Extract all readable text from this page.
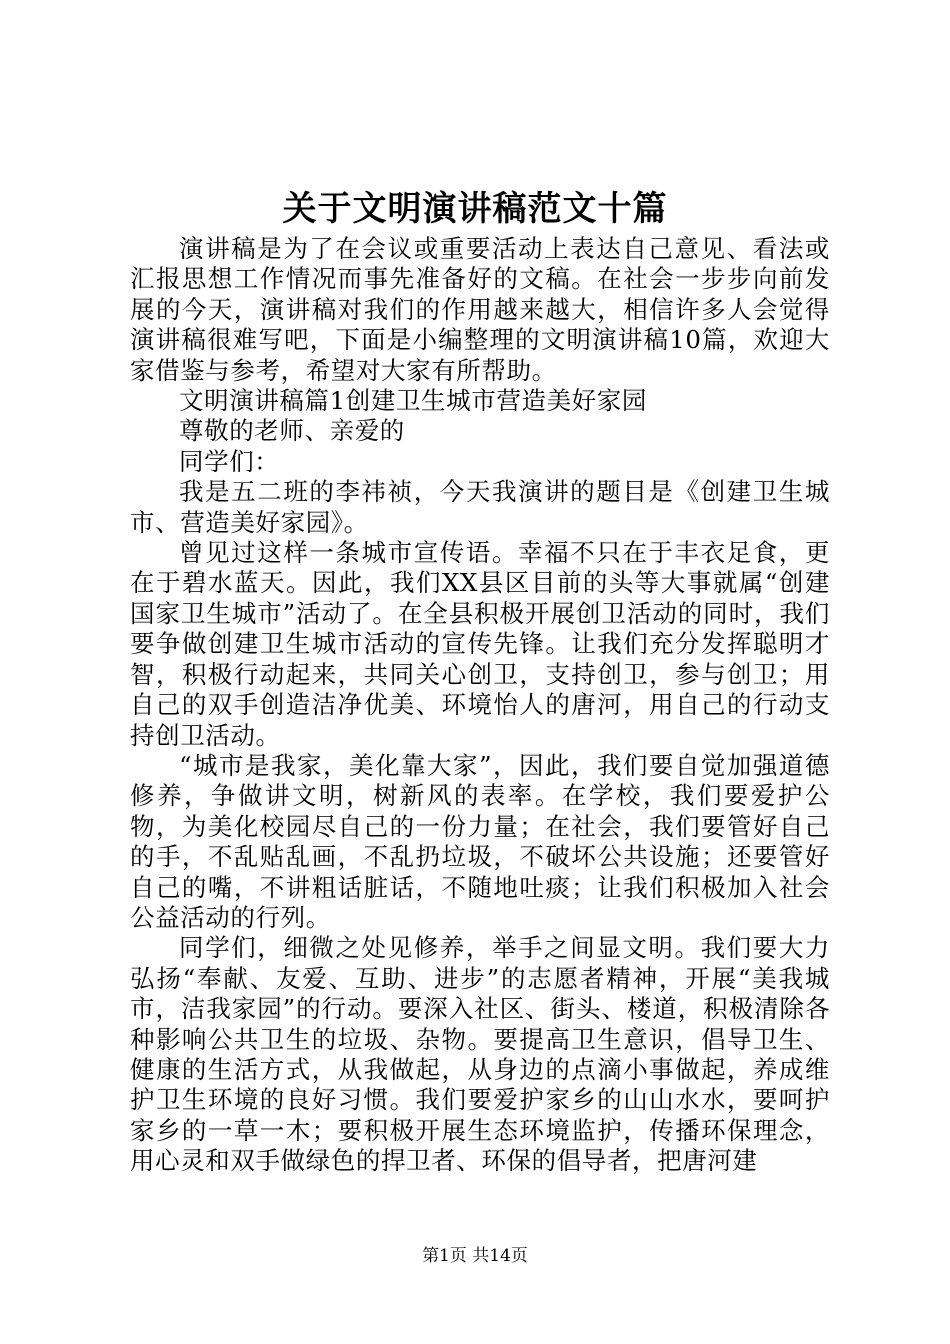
关于文明演讲稿范文十篇

演讲稿是为了在会议或重要活动上表达自己意见、看法或汇报思想工作情况而事先准备好的文稿。在社会一步步向前发展的今天，演讲稿对我们的作用越来越大，相信许多人会觉得演讲稿很难写吧，下面是小编整理的文明演讲稿10篇，欢迎大家借鉴与参考，希望对大家有所帮助。

文明演讲稿篇1创建卫生城市营造美好家园

尊敬的老师、亲爱的

同学们：

我是五二班的李祎祯，今天我演讲的题目是《创建卫生城市、营造美好家园》。

曾见过这样一条城市宣传语。幸福不只在于丰衣足食，更在于碧水蓝天。因此，我们XX县区目前的头等大事就属“创建国家卫生城市”活动了。在全县积极开展创卫活动的同时，我们要争做创建卫生城市活动的宣传先锋。让我们充分发挥聪明才智，积极行动起来，共同关心创卫，支持创卫，参与创卫；用自己的双手创造洁净优美、环境怡人的唐河，用自己的行动支持创卫活动。

“城市是我家，美化靠大家”，因此，我们要自觉加强道德修养，争做讲文明，树新风的表率。在学校，我们要爱护公物，为美化校园尽自己的一份力量；在社会，我们要管好自己的手，不乱贴乱画，不乱扔垃圾，不破坏公共设施；还要管好自己的嘴，不讲粗话脏话，不随地吐痰；让我们积极加入社会公益活动的行列。

同学们，细微之处见修养，举手之间显文明。我们要大力弘扬“奉献、友爱、互助、进步”的志愿者精神，开展“美我城市，洁我家园”的行动。要深入社区、街头、楼道，积极清除各种影响公共卫生的垃圾、杂物。要提高卫生意识，倡导卫生、健康的生活方式，从我做起，从身边的点滴小事做起，养成维护卫生环境的良好习惯。我们要爱护家乡的山山水水，要呵护家乡的一草一木；要积极开展生态环境监护，传播环保理念，用心灵和双手做绿色的捍卫者、环保的倡导者，把唐河建

第1页 共14页
